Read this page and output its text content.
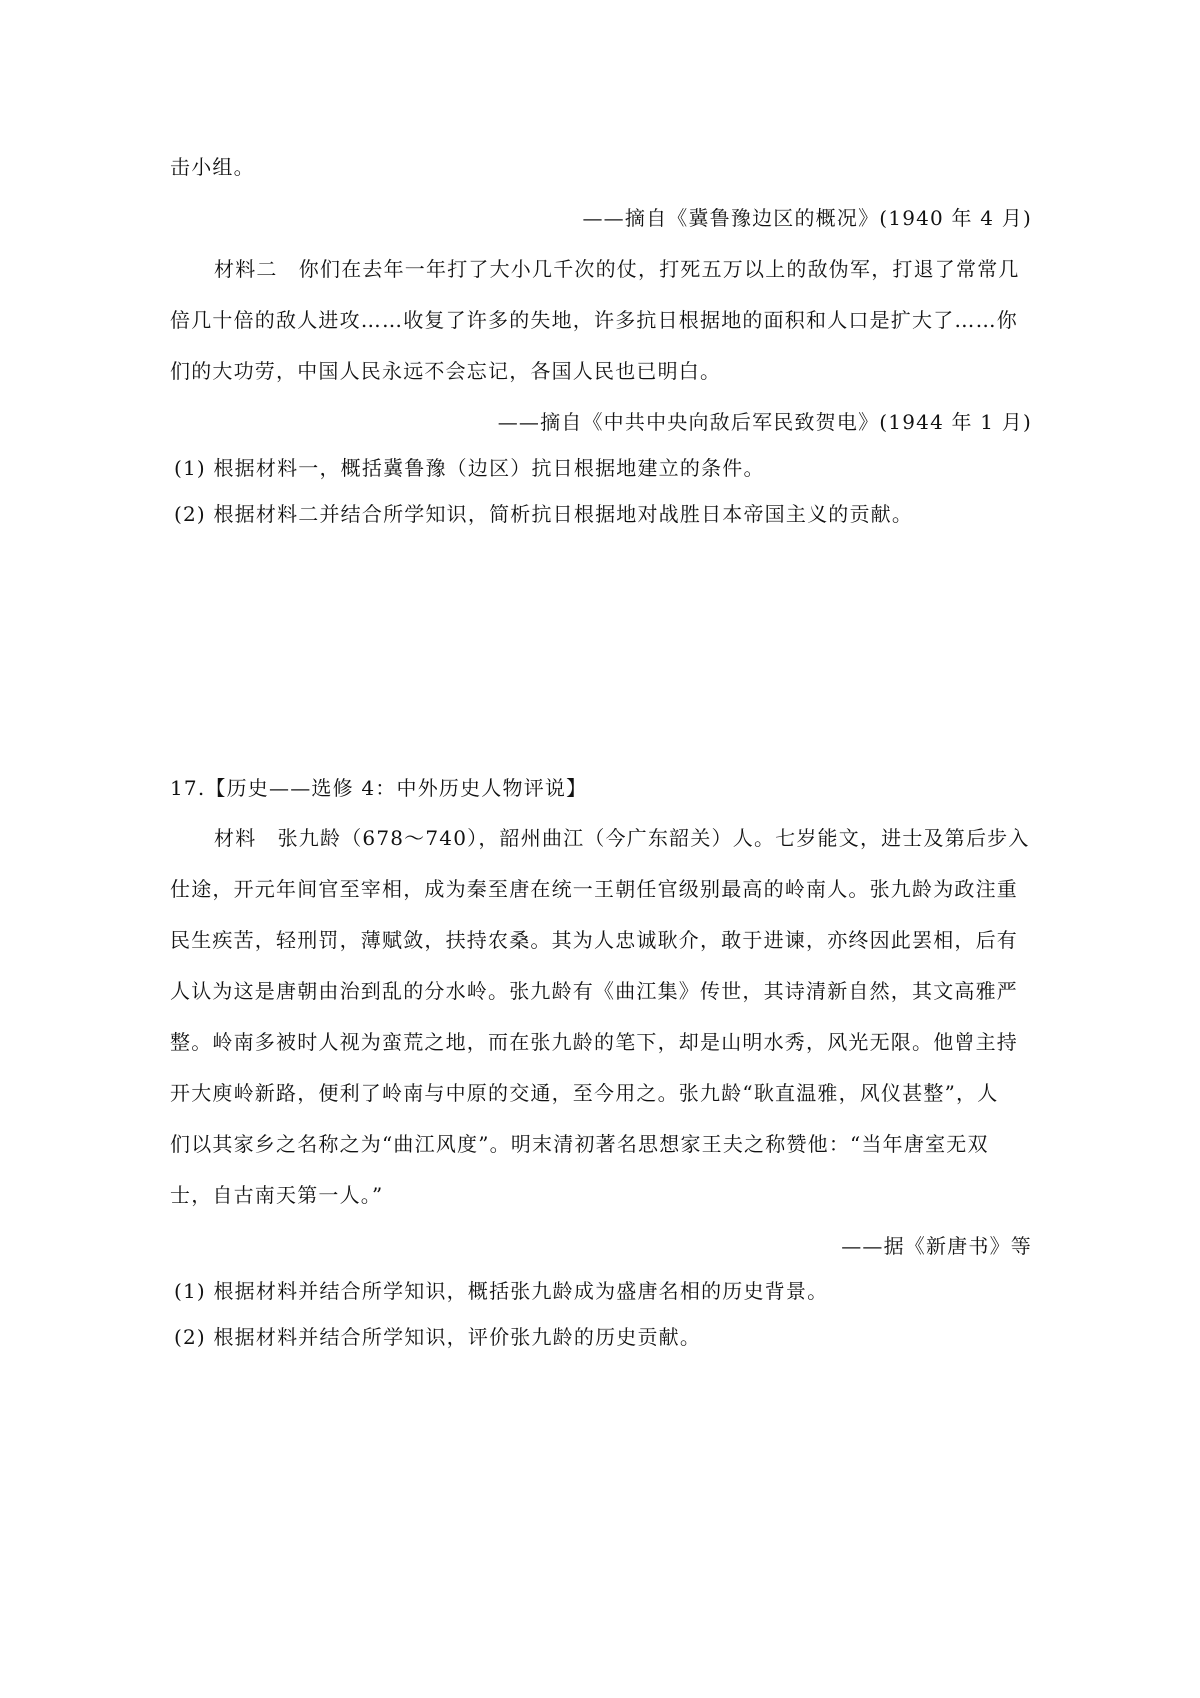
击小组。
——摘自《冀鲁豫边区的概况》(1940 年 4 月)
材料二　你们在去年一年打了大小几千次的仗，打死五万以上的敌伪军，打退了常常几
倍几十倍的敌人进攻……收复了许多的失地，许多抗日根据地的面积和人口是扩大了……你
们的大功劳，中国人民永远不会忘记，各国人民也已明白。
——摘自《中共中央向敌后军民致贺电》(1944 年 1 月)
(1) 根据材料一，概括冀鲁豫（边区）抗日根据地建立的条件。
(2) 根据材料二并结合所学知识，简析抗日根据地对战胜日本帝国主义的贡献。
17.【历史——选修 4：中外历史人物评说】
材料　张九龄（678～740），韶州曲江（今广东韶关）人。七岁能文，进士及第后步入
仕途，开元年间官至宰相，成为秦至唐在统一王朝任官级别最高的岭南人。张九龄为政注重
民生疾苦，轻刑罚，薄赋敛，扶持农桑。其为人忠诚耿介，敢于进谏，亦终因此罢相，后有
人认为这是唐朝由治到乱的分水岭。张九龄有《曲江集》传世，其诗清新自然，其文高雅严
整。岭南多被时人视为蛮荒之地，而在张九龄的笔下，却是山明水秀，风光无限。他曾主持
开大庾岭新路，便利了岭南与中原的交通，至今用之。张九龄“耿直温雅，风仪甚整”，人
们以其家乡之名称之为“曲江风度”。明末清初著名思想家王夫之称赞他：“当年唐室无双
士，自古南天第一人。”
——据《新唐书》等
(1) 根据材料并结合所学知识，概括张九龄成为盛唐名相的历史背景。
(2) 根据材料并结合所学知识，评价张九龄的历史贡献。
